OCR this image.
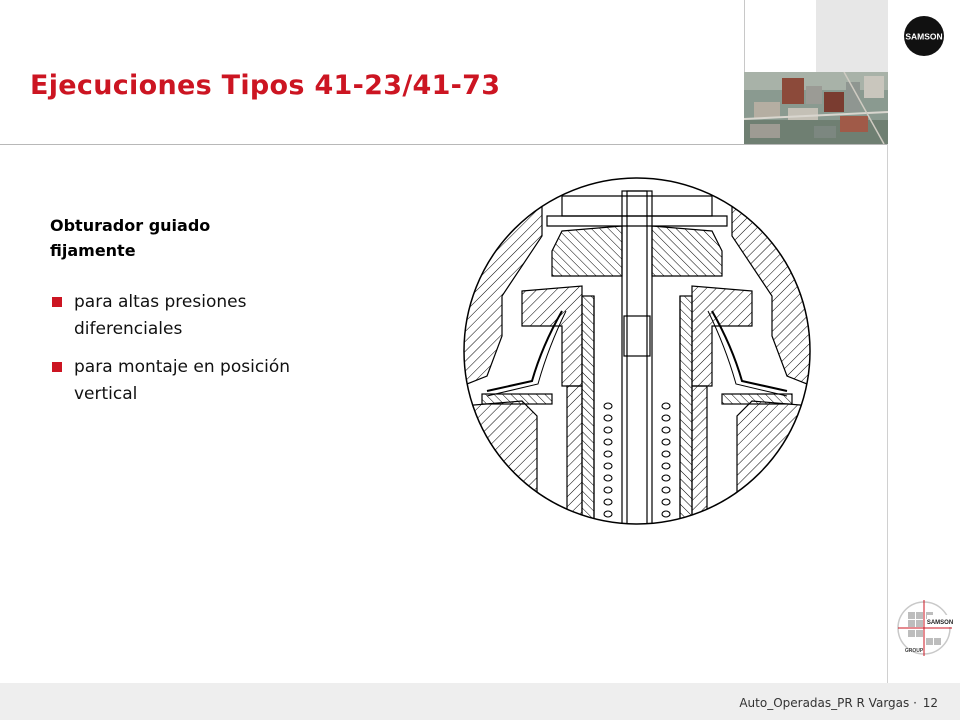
SAMSON
Ejecuciones Tipos 41-23/41-73
Obturador guiado
fijamente
para altas presiones
diferenciales
para montaje en posición
vertical
SAMSON
GROUP
Auto_Operadas_PR R Vargas · 12
